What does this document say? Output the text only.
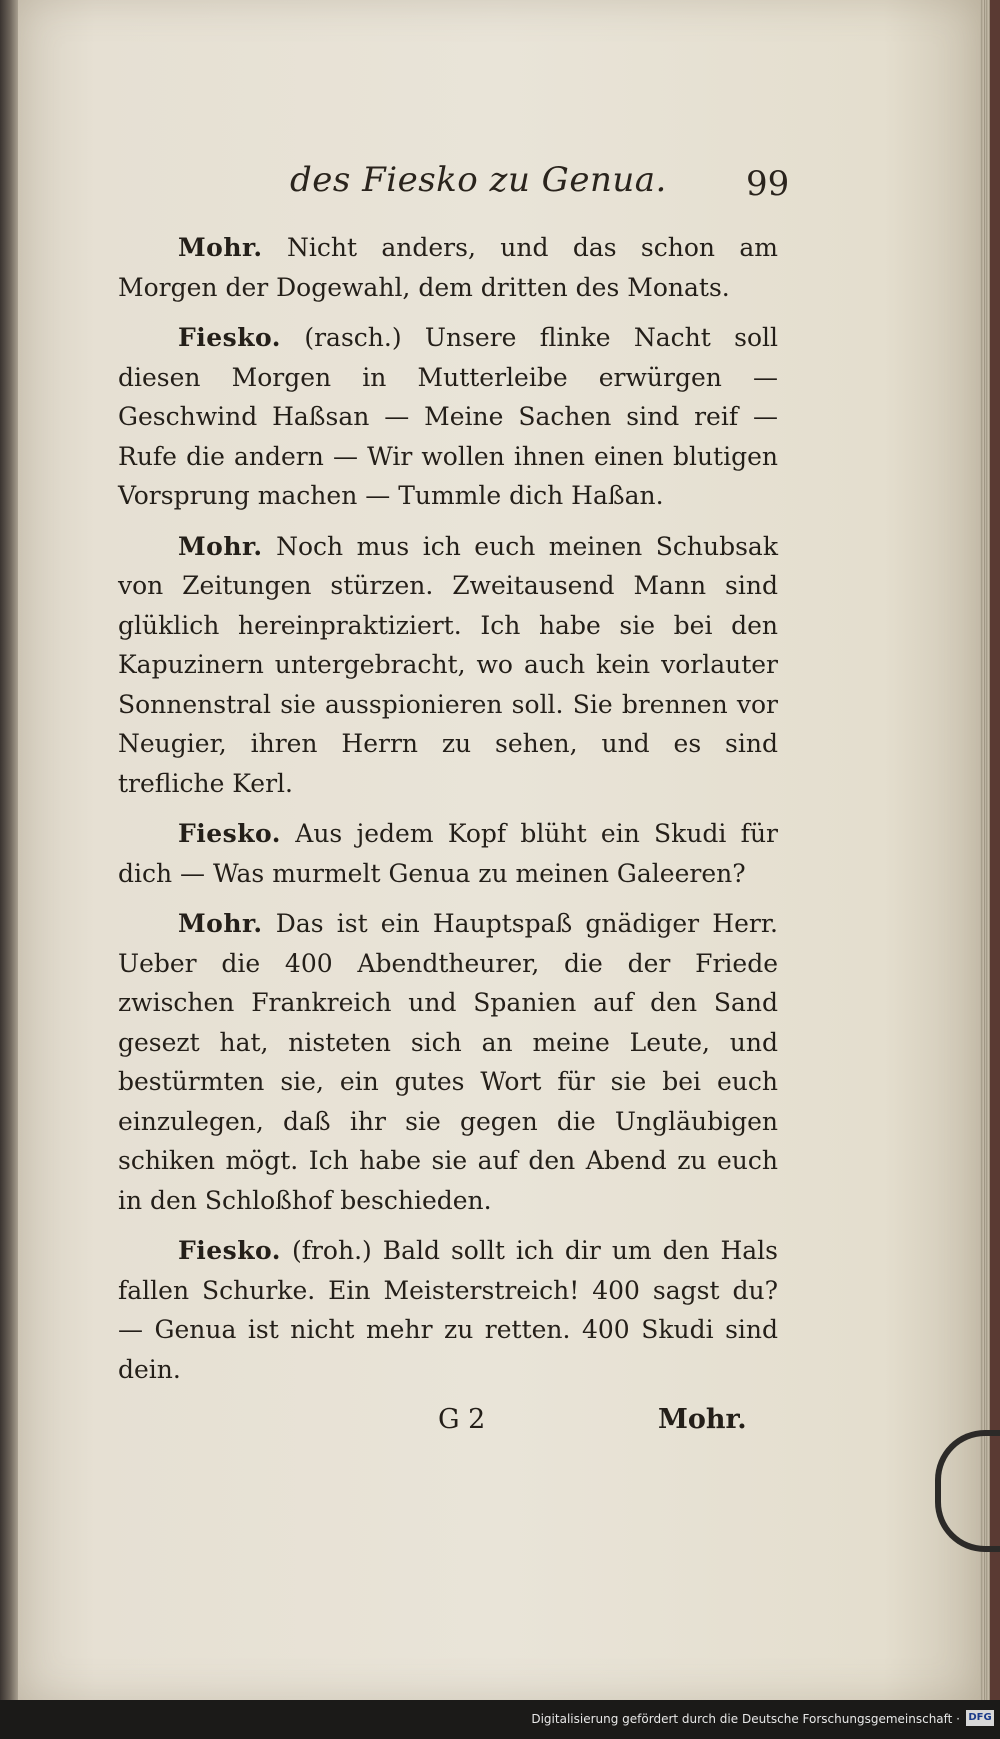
des Fiesko zu Genua. 99

Mohr. Nicht anders, und das schon am Morgen der Dogewahl, dem dritten des Monats.

Fiesko. (rasch.) Unsere flinke Nacht soll diesen Morgen in Mutterleibe erwürgen — Geschwind Haßsan — Meine Sachen sind reif — Rufe die andern — Wir wollen ihnen einen blutigen Vorsprung machen — Tummle dich Haßan.

Mohr. Noch mus ich euch meinen Schubsak von Zeitungen stürzen. Zweitausend Mann sind glüklich hereinpraktiziert. Ich habe sie bei den Kapuzinern untergebracht, wo auch kein vorlauter Sonnenstral sie ausspionieren soll. Sie brennen vor Neugier, ihren Herrn zu sehen, und es sind trefliche Kerl.

Fiesko. Aus jedem Kopf blüht ein Skudi für dich — Was murmelt Genua zu meinen Galeeren?

Mohr. Das ist ein Hauptspaß gnädiger Herr. Ueber die 400 Abendtheurer, die der Friede zwischen Frankreich und Spanien auf den Sand gesezt hat, nisteten sich an meine Leute, und bestürmten sie, ein gutes Wort für sie bei euch einzulegen, daß ihr sie gegen die Ungläubigen schiken mögt. Ich habe sie auf den Abend zu euch in den Schloßhof beschieden.

Fiesko. (froh.) Bald sollt ich dir um den Hals fallen Schurke. Ein Meisterstreich! 400 sagst du? — Genua ist nicht mehr zu retten. 400 Skudi sind dein.

G 2	Mohr.
Digitalisierung gefördert durch die Deutsche Forschungsgemeinschaft · DFG
